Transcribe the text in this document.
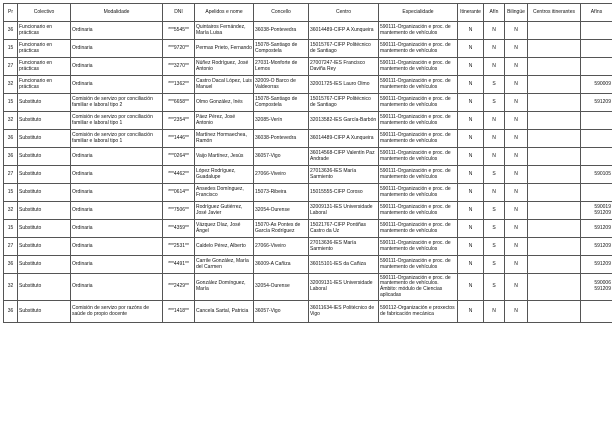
Pr	Colectivo	Modalidade	DNI	Apelidos e nome	Concello	Centro	Especialidade	Itinerante	Afín	Bilingüe	Centros itinerantes	Afíns
36	Funcionario en prácticas	Ordinaria	***5545**	Quintairos Fernández, María Luisa	36038-Pontevedra	36014489-CIFP A Xunqueira	590111-Organización e proc. de mantemento de vehículos	N	N	N		
15	Funcionario en prácticas	Ordinaria	***9720**	Permas Prieto, Fernando	15078-Santiago de Compostela	15015767-CIFP Politécnico de Santiago	590111-Organización e proc. de mantemento de vehículos	N	N	N		
27	Funcionario en prácticas	Ordinaria	***3270**	Núñez Rodríguez, José Antonio	27031-Monforte de Lemos	27007247-IES Francisco Daviña Rey	590111-Organización e proc. de mantemento de vehículos	N	N	N		
32	Funcionario en prácticas	Ordinaria	***1362**	Castro Dacal López, Luis Manuel	32009-O Barco de Valdeorras	32001725-IES Lauro Olmo	590111-Organización e proc. de mantemento de vehículos	N	S	N		590009
15	Substituto	Comisión de servizo por conciliación familiar e laboral tipo 2	***6658**	Olmo González, Inés	15078-Santiago de Compostela	15015767-CIFP Politécnico de Santiago	590111-Organización e proc. de mantemento de vehículos	N	S	N		591209
32	Substituto	Comisión de servizo por conciliación familiar e laboral tipo 1	***2354**	Páez Pérez, José Antonio	32085-Verín	32013582-IES García-Barbón	590111-Organización e proc. de mantemento de vehículos	N	N	N		
36	Substituto	Comisión de servizo por conciliación familiar e laboral tipo 1	***1446**	Martínez Hormaechea, Ramón	36038-Pontevedra	36014489-CIFP A Xunqueira	590111-Organización e proc. de mantemento de vehículos	N	N	N		
36	Substituto	Ordinaria	***0264**	Vaijo Martínez, Jesús	36057-Vigo	36014568-CIFP Valentín Paz Andrade	590111-Organización e proc. de mantemento de vehículos	N	N	N		
27	Substituto	Ordinaria	***4462**	López Rodríguez, Guadalupe	27066-Viveiro	27013636-IES María Sarmiento	590111-Organización e proc. de mantemento de vehículos	N	S	N		590105
15	Substituto	Ordinaria	***0614**	Ansedes Domínguez, Francisco	15073-Ribeira	15015555-CIFP Coroso	590111-Organización e proc. de mantemento de vehículos	N	N	N		
32	Substituto	Ordinaria	***7506**	Rodríguez Gutiérrez, José Javier	32054-Ourense	32009131-IES Universidade Laboral	590111-Organización e proc. de mantemento de vehículos	N	S	N		590019 591209
15	Substituto	Ordinaria	***4359**	Vázquez Díaz, José Ángel	15070-As Pontes de García Rodríguez	15021767-CIFP Pontiñas Castro da Uz	590111-Organización e proc. de mantemento de vehículos	N	S	N		591209
27	Substituto	Ordinaria	***2531**	Caldelo Pérez, Alberto	27066-Viveiro	27013636-IES María Sarmiento	590111-Organización e proc. de mantemento de vehículos	N	S	N		591209
36	Substituto	Ordinaria	***4491**	Carrile González, María del Carmen	36009-A Cañiza	36015101-IES da Cañiza	590111-Organización e proc. de mantemento de vehículos	N	S	N		591209
32	Substituto	Ordinaria	***2429**	González Domínguez, María	32054-Ourense	32009131-IES Universidade Laboral	590111-Organización e proc. de mantemento de vehículos. Ámbito: módulo de Ciencias aplicadas	N	S	N		590006 591209
36	Substituto	Comisión de servizo por razóns de saúde do propio docente	***1418**	Cancela Sartal, Patricia	36057-Vigo	36011634-IES Politécnico de Vigo	590112-Organización e proxectos de fabricación mecánica	N	N	N		
